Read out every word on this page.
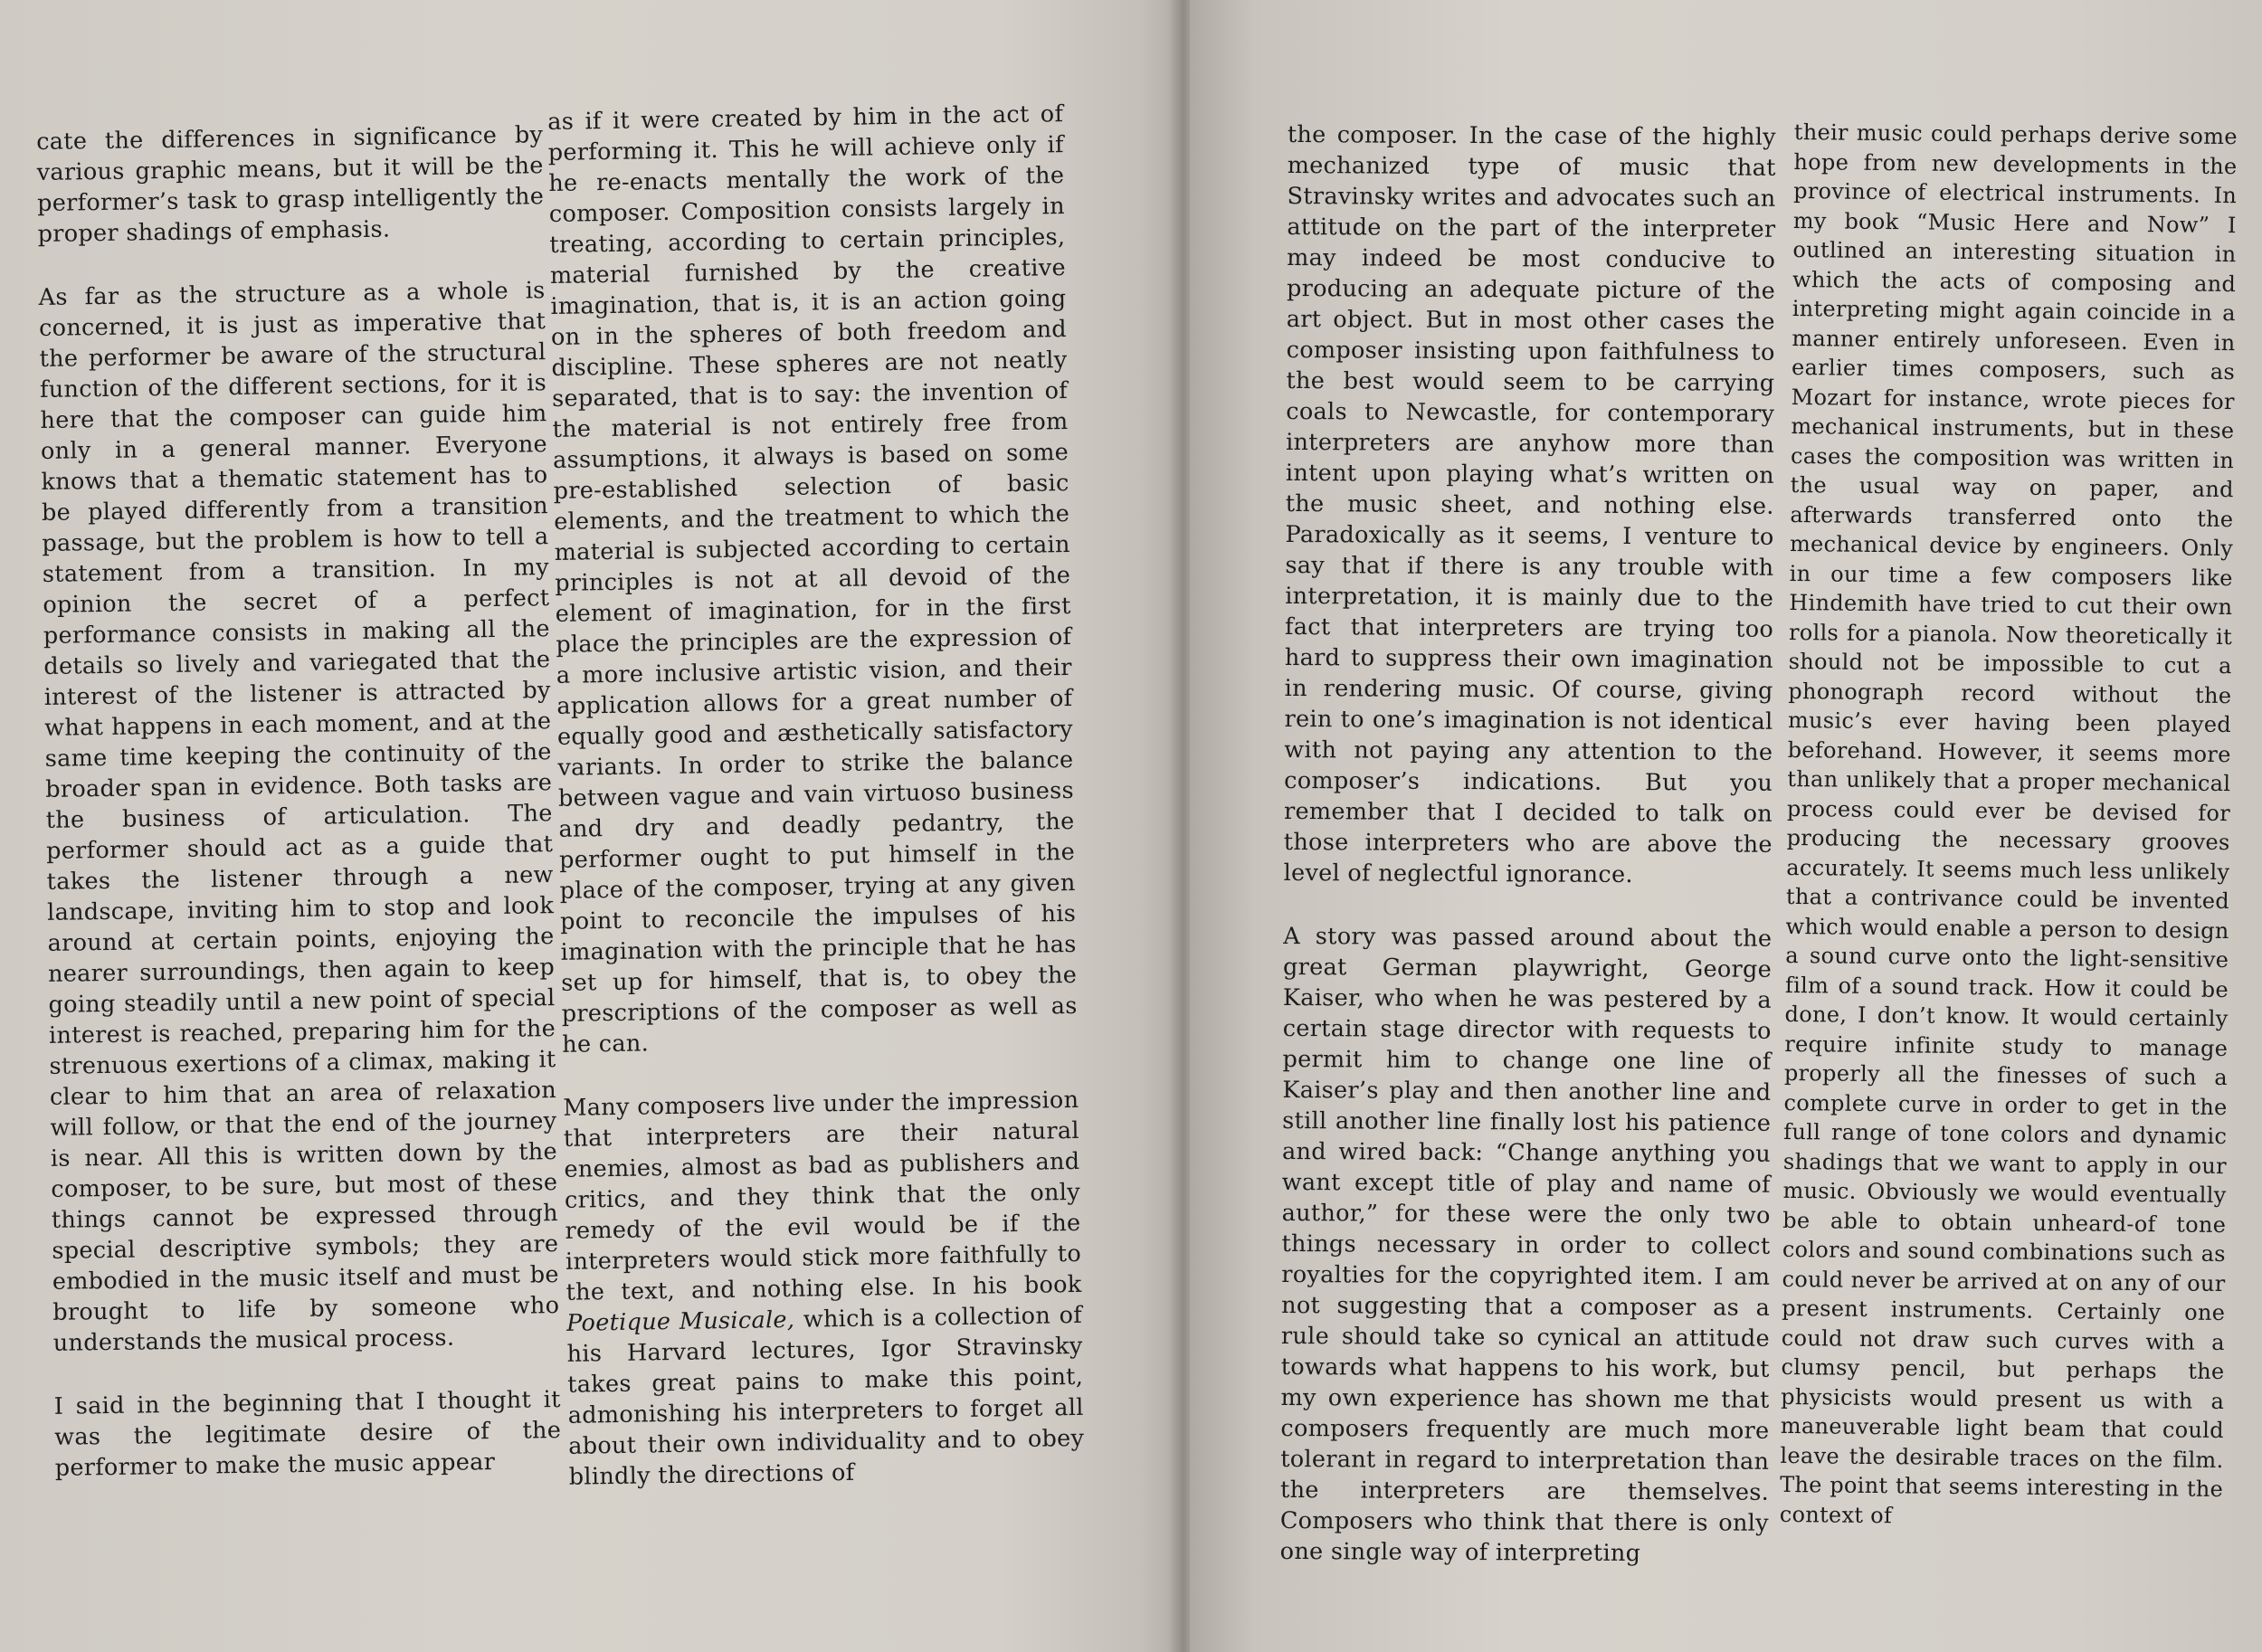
cate the differences in significance by various graphic means, but it will be the performer’s task to grasp intelligently the proper shadings of emphasis.

As far as the structure as a whole is concerned, it is just as imperative that the performer be aware of the structural function of the different sections, for it is here that the composer can guide him only in a general manner. Everyone knows that a thematic statement has to be played differently from a transition passage, but the problem is how to tell a statement from a transition. In my opinion the secret of a perfect performance consists in making all the details so lively and variegated that the interest of the listener is attracted by what happens in each moment, and at the same time keeping the continuity of the broader span in evidence. Both tasks are the business of articulation. The performer should act as a guide that takes the listener through a new landscape, inviting him to stop and look around at certain points, enjoying the nearer surroundings, then again to keep going steadily until a new point of special interest is reached, preparing him for the strenuous exertions of a climax, making it clear to him that an area of relaxation will follow, or that the end of the journey is near. All this is written down by the composer, to be sure, but most of these things cannot be expressed through special descriptive symbols; they are embodied in the music itself and must be brought to life by someone who understands the musical process.

I said in the beginning that I thought it was the legitimate desire of the performer to make the music appear

as if it were created by him in the act of performing it. This he will achieve only if he re-enacts mentally the work of the composer. Composition consists largely in treating, according to certain principles, material furnished by the creative imagination, that is, it is an action going on in the spheres of both freedom and discipline. These spheres are not neatly separated, that is to say: the invention of the material is not entirely free from assumptions, it always is based on some pre-established selection of basic elements, and the treatment to which the material is subjected according to certain principles is not at all devoid of the element of imagination, for in the first place the principles are the expression of a more inclusive artistic vision, and their application allows for a great number of equally good and æsthetically satisfactory variants. In order to strike the balance between vague and vain virtuoso business and dry and deadly pedantry, the performer ought to put himself in the place of the composer, trying at any given point to reconcile the impulses of his imagination with the principle that he has set up for himself, that is, to obey the prescriptions of the composer as well as he can.

Many composers live under the impression that interpreters are their natural enemies, almost as bad as publishers and critics, and they think that the only remedy of the evil would be if the interpreters would stick more faithfully to the text, and nothing else. In his book Poetique Musicale, which is a collection of his Harvard lectures, Igor Stravinsky takes great pains to make this point, admonishing his interpreters to forget all about their own individuality and to obey blindly the directions of

the composer. In the case of the highly mechanized type of music that Stravinsky writes and advocates such an attitude on the part of the interpreter may indeed be most conducive to producing an adequate picture of the art object. But in most other cases the composer insisting upon faithfulness to the best would seem to be carrying coals to Newcastle, for contemporary interpreters are anyhow more than intent upon playing what’s written on the music sheet, and nothing else. Paradoxically as it seems, I venture to say that if there is any trouble with interpretation, it is mainly due to the fact that interpreters are trying too hard to suppress their own imagination in rendering music. Of course, giving rein to one’s imagination is not identical with not paying any attention to the composer’s indications. But you remember that I decided to talk on those interpreters who are above the level of neglectful ignorance.

A story was passed around about the great German playwright, George Kaiser, who when he was pestered by a certain stage director with requests to permit him to change one line of Kaiser’s play and then another line and still another line finally lost his patience and wired back: “Change anything you want except title of play and name of author,” for these were the only two things necessary in order to collect royalties for the copyrighted item. I am not suggesting that a composer as a rule should take so cynical an attitude towards what happens to his work, but my own experience has shown me that composers frequently are much more tolerant in regard to interpretation than the interpreters are themselves. Composers who think that there is only one single way of interpreting

their music could perhaps derive some hope from new developments in the province of electrical instruments. In my book “Music Here and Now” I outlined an interesting situation in which the acts of composing and interpreting might again coincide in a manner entirely unforeseen. Even in earlier times composers, such as Mozart for instance, wrote pieces for mechanical instruments, but in these cases the composition was written in the usual way on paper, and afterwards transferred onto the mechanical device by engineers. Only in our time a few composers like Hindemith have tried to cut their own rolls for a pianola. Now theoretically it should not be impossible to cut a phonograph record without the music’s ever having been played beforehand. However, it seems more than unlikely that a proper mechanical process could ever be devised for producing the necessary grooves accurately. It seems much less unlikely that a contrivance could be invented which would enable a person to design a sound curve onto the light-sensitive film of a sound track. How it could be done, I don’t know. It would certainly require infinite study to manage properly all the finesses of such a complete curve in order to get in the full range of tone colors and dynamic shadings that we want to apply in our music. Obviously we would eventually be able to obtain unheard-of tone colors and sound combinations such as could never be arrived at on any of our present instruments. Certainly one could not draw such curves with a clumsy pencil, but perhaps the physicists would present us with a maneuverable light beam that could leave the desirable traces on the film. The point that seems interesting in the context of
